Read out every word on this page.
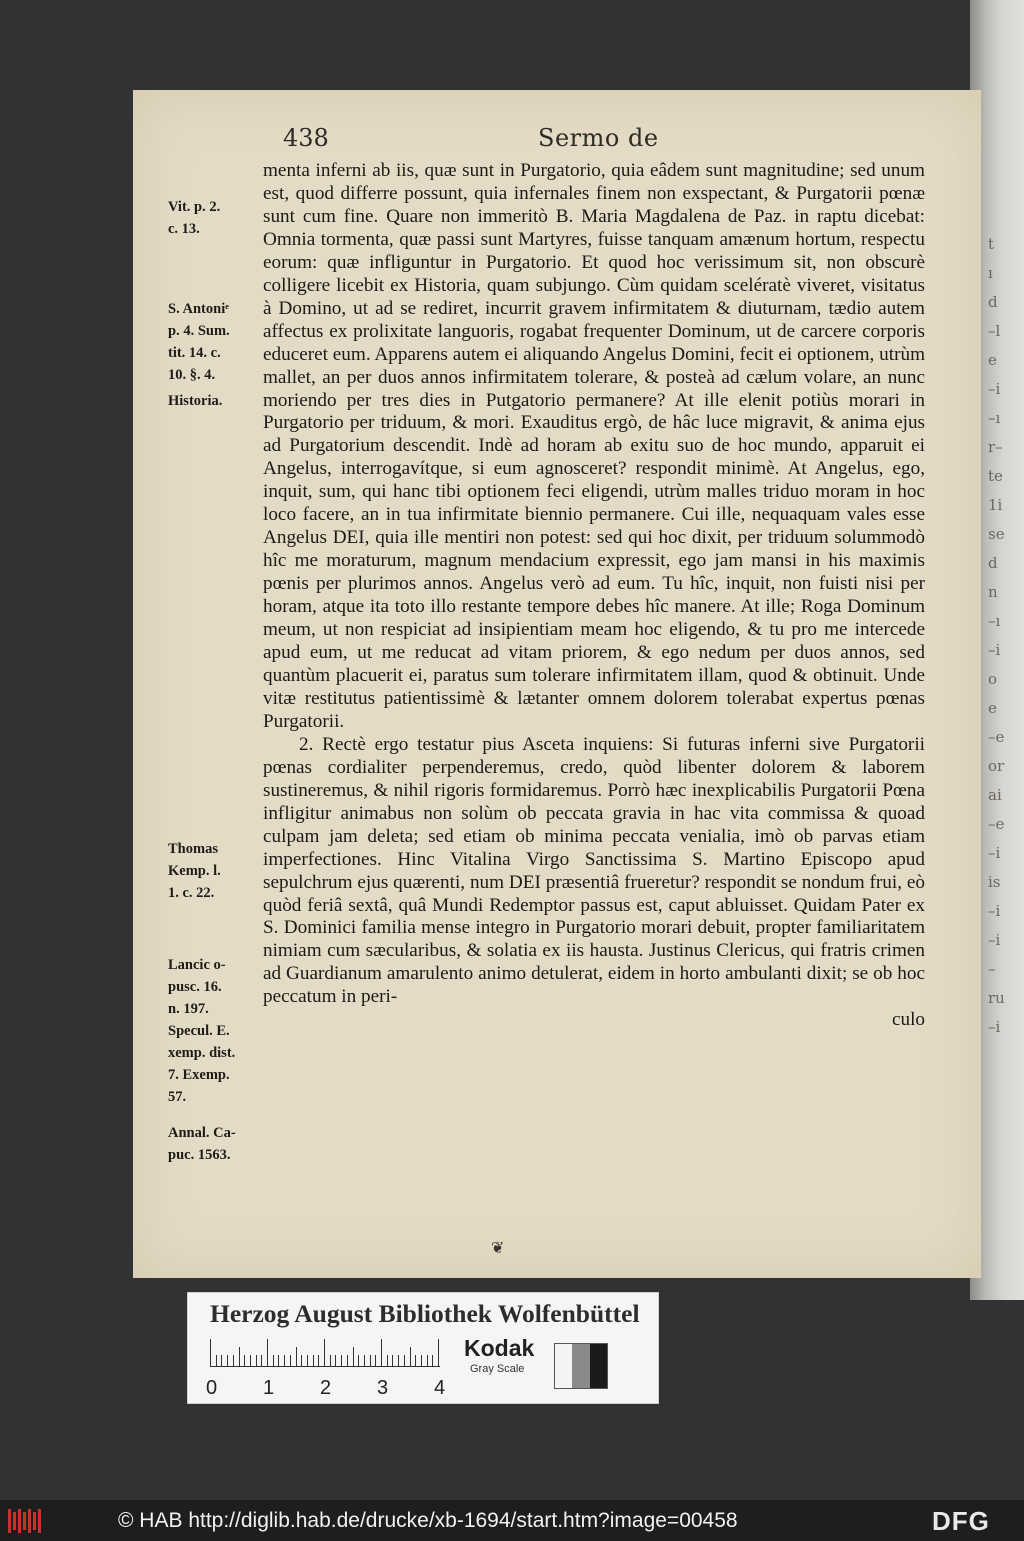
t
ı
d
–l
e
–i
–ı
r–
te
1i
se
d
n
–ı
–i
o
e
–e
or
ai
–e
–i
is
–i
–i
–
ru
–i
438	Sermo de
Vit. p. 2.
c. 13.
S. Antoniᵉ
p. 4. Sum.
tit. 14. c.
10. §. 4.
Historia.
Thomas
Kemp. l.
1. c. 22.
Lancic o-
pusc. 16.
n. 197.
Specul. E.
xemp. dist.
7. Exemp.
57.
Annal. Ca-
puc. 1563.

menta inferni ab iis, quæ sunt in Purgatorio, quia eâdem sunt magnitudine; sed unum est, quod differre possunt, quia infernales finem non exspectant, & Purgatorii pœnæ sunt cum fine. Quare non immeritò B. Maria Magdalena de Paz. in raptu dicebat: Omnia tormenta, quæ passi sunt Martyres, fuisse tanquam amænum hortum, respectu eorum: quæ infliguntur in Purgatorio. Et quod hoc verissimum sit, non obscurè colligere licebit ex Historia, quam subjungo. Cùm quidam scelératè viveret, visitatus à Domino, ut ad se rediret, incurrit gravem infirmitatem & diuturnam, tædio autem affectus ex prolixitate languoris, rogabat frequenter Dominum, ut de carcere corporis educeret eum. Apparens autem ei aliquando Angelus Domini, fecit ei optionem, utrùm mallet, an per duos annos infirmitatem tolerare, & posteà ad cælum volare, an nunc moriendo per tres dies in Putgatorio permanere? At ille elenit potiùs morari in Purgatorio per triduum, & mori. Exauditus ergò, de hâc luce migravit, & anima ejus ad Purgatorium descendit. Indè ad horam ab exitu suo de hoc mundo, apparuit ei Angelus, interrogavítque, si eum agnosceret? respondit minimè. At Angelus, ego, inquit, sum, qui hanc tibi optionem feci eligendi, utrùm malles triduo moram in hoc loco facere, an in tua infirmitate biennio permanere. Cui ille, nequaquam vales esse Angelus DEI, quia ille mentiri non potest: sed qui hoc dixit, per triduum solummodò hîc me moraturum, magnum mendacium expressit, ego jam mansi in his maximis pœnis per plurimos annos. Angelus verò ad eum. Tu hîc, inquit, non fuisti nisi per horam, atque ita toto illo restante tempore debes hîc manere. At ille; Roga Dominum meum, ut non respiciat ad insipientiam meam hoc eligendo, & tu pro me intercede apud eum, ut me reducat ad vitam priorem, & ego nedum per duos annos, sed quantùm placuerit ei, paratus sum tolerare infirmitatem illam, quod & obtinuit. Unde vitæ restitutus patientissimè & lætanter omnem dolorem tolerabat expertus pœnas Purgatorii.

2. Rectè ergo testatur pius Asceta inquiens: Si futuras inferni sive Purgatorii pœnas cordialiter perpenderemus, credo, quòd libenter dolorem & laborem sustineremus, & nihil rigoris formidaremus. Porrò hæc inexplicabilis Purgatorii Pœna infligitur animabus non solùm ob peccata gravia in hac vita commissa & quoad culpam jam deleta; sed etiam ob minima peccata venialia, imò ob parvas etiam imperfectiones. Hinc Vitalina Virgo Sanctissima S. Martino Episcopo apud sepulchrum ejus quærenti, num DEI præsentiâ frueretur? respondit se nondum frui, eò quòd feriâ sextâ, quâ Mundi Redemptor passus est, caput abluisset. Quidam Pater ex S. Dominici familia mense integro in Purgatorio morari debuit, propter familiaritatem nimiam cum sæcularibus, & solatia ex iis hausta. Justinus Clericus, qui fratris crimen ad Guardianum amarulento animo detulerat, eidem in horto ambulanti dixit; se ob hoc peccatum in peri-

culo

❦
Herzog August Bibliothek Wolfenbüttel
0 1 2 3 4
Kodak
Gray Scale
© HAB http://diglib.hab.de/drucke/xb-1694/start.htm?image=00458	DFG
